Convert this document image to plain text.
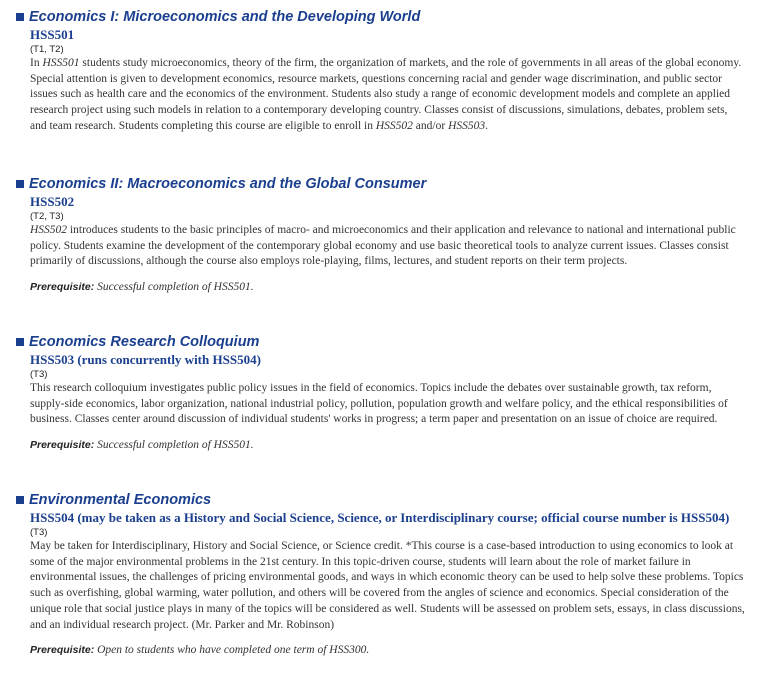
Economics I: Microeconomics and the Developing World
HSS501
(T1, T2)
In HSS501 students study microeconomics, theory of the firm, the organization of markets, and the role of governments in all areas of the global economy. Special attention is given to development economics, resource markets, questions concerning racial and gender wage discrimination, and public sector issues such as health care and the economics of the environment. Students also study a range of economic development models and complete an applied research project using such models in relation to a contemporary developing country. Classes consist of discussions, simulations, debates, problem sets, and team research. Students completing this course are eligible to enroll in HSS502 and/or HSS503.
Economics II: Macroeconomics and the Global Consumer
HSS502
(T2, T3)
HSS502 introduces students to the basic principles of macro- and microeconomics and their application and relevance to national and international public policy. Students examine the development of the contemporary global economy and use basic theoretical tools to analyze current issues. Classes consist primarily of discussions, although the course also employs role-playing, films, lectures, and student reports on their term projects.
Prerequisite: Successful completion of HSS501.
Economics Research Colloquium
HSS503 (runs concurrently with HSS504)
(T3)
This research colloquium investigates public policy issues in the field of economics. Topics include the debates over sustainable growth, tax reform, supply-side economics, labor organization, national industrial policy, pollution, population growth and welfare policy, and the ethical responsibilities of business. Classes center around discussion of individual students' works in progress; a term paper and presentation on an issue of choice are required.
Prerequisite: Successful completion of HSS501.
Environmental Economics
HSS504 (may be taken as a History and Social Science, Science, or Interdisciplinary course; official course number is HSS504)
(T3)
May be taken for Interdisciplinary, History and Social Science, or Science credit. *This course is a case-based introduction to using economics to look at some of the major environmental problems in the 21st century. In this topic-driven course, students will learn about the role of market failure in environmental issues, the challenges of pricing environmental goods, and ways in which economic theory can be used to help solve these problems. Topics such as overfishing, global warming, water pollution, and others will be covered from the angles of science and economics. Special consideration of the unique role that social justice plays in many of the topics will be considered as well. Students will be assessed on problem sets, essays, in class discussions, and an individual research project. (Mr. Parker and Mr. Robinson)
Prerequisite: Open to students who have completed one term of HSS300.
